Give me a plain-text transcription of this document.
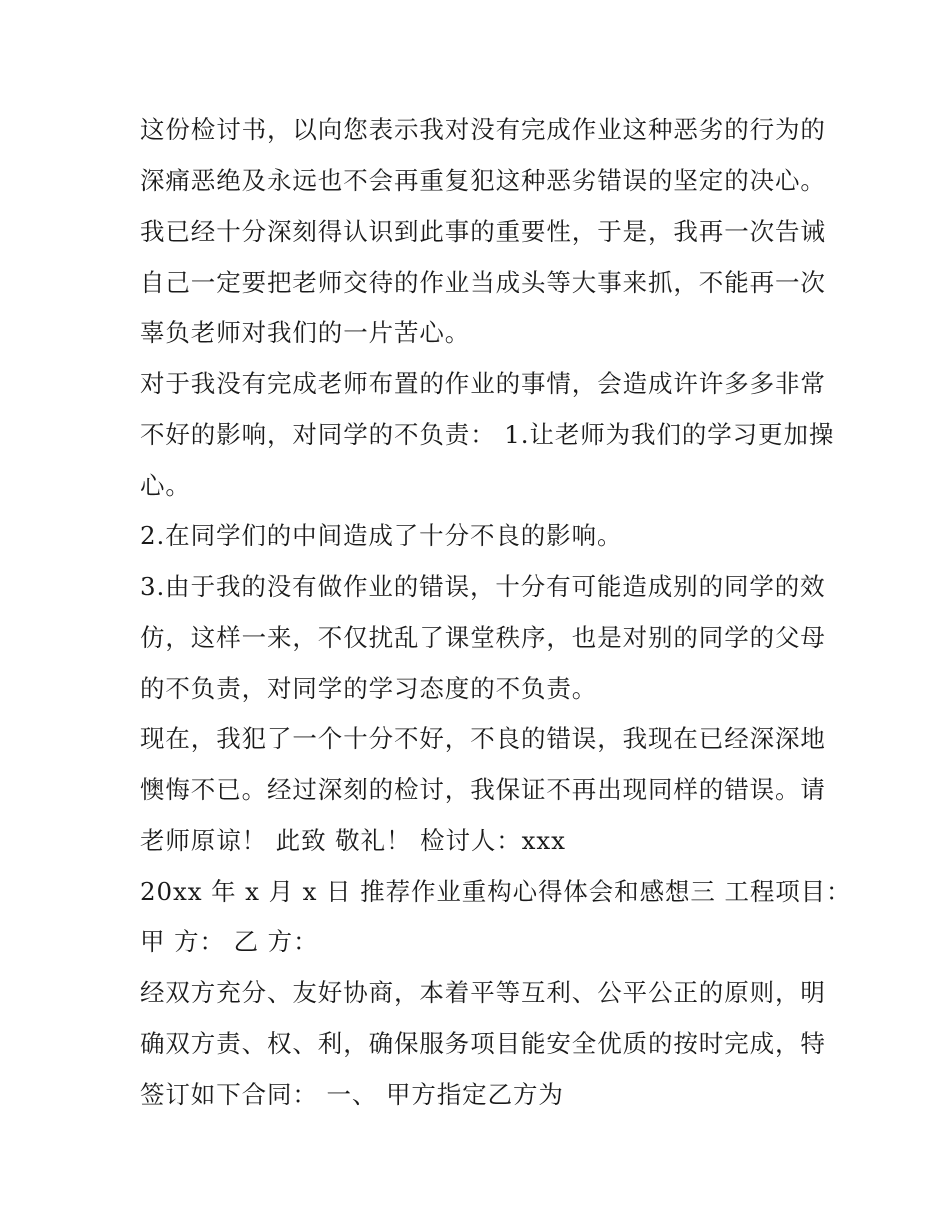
这份检讨书，以向您表示我对没有完成作业这种恶劣的行为的
深痛恶绝及永远也不会再重复犯这种恶劣错误的坚定的决心。
我已经十分深刻得认识到此事的重要性，于是，我再一次告诫
自己一定要把老师交待的作业当成头等大事来抓，不能再一次
辜负老师对我们的一片苦心。
对于我没有完成老师布置的作业的事情，会造成许许多多非常
不好的影响，对同学的不负责： 1.让老师为我们的学习更加操
心。
2.在同学们的中间造成了十分不良的影响。
3.由于我的没有做作业的错误，十分有可能造成别的同学的效
仿，这样一来，不仅扰乱了课堂秩序，也是对别的同学的父母
的不负责，对同学的学习态度的不负责。
现在，我犯了一个十分不好，不良的错误，我现在已经深深地
懊悔不已。经过深刻的检讨，我保证不再出现同样的错误。请
老师原谅！ 此致 敬礼！ 检讨人：xxx
20xx 年 x 月 x 日 推荐作业重构心得体会和感想三 工程项目：
甲 方： 乙 方：
经双方充分、友好协商，本着平等互利、公平公正的原则，明
确双方责、权、利，确保服务项目能安全优质的按时完成，特
签订如下合同： 一、 甲方指定乙方为
